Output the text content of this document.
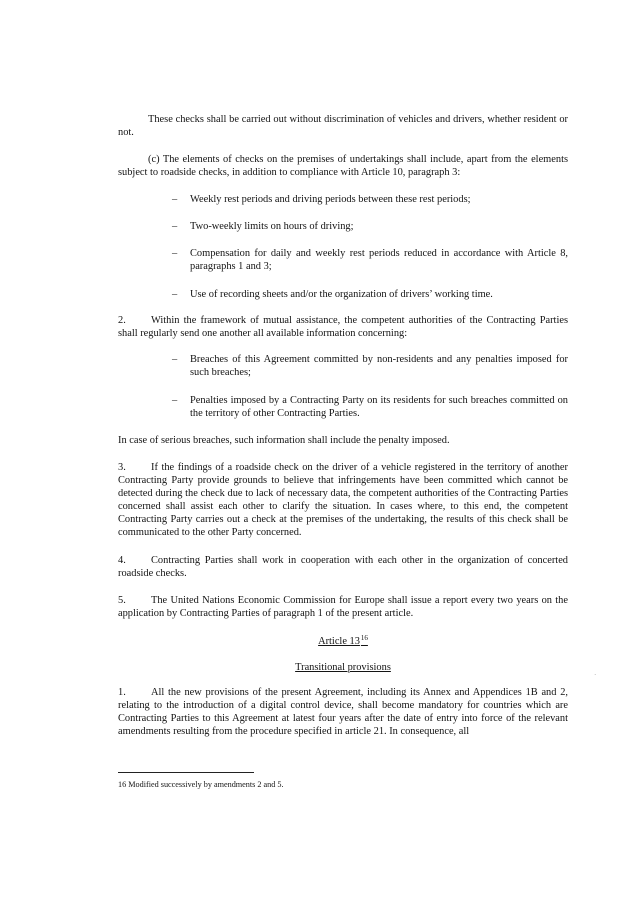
These checks shall be carried out without discrimination of vehicles and drivers, whether resident or not.

(c) The elements of checks on the premises of undertakings shall include, apart from the elements subject to roadside checks, in addition to compliance with Article 10, paragraph 3:

– Weekly rest periods and driving periods between these rest periods;
– Two-weekly limits on hours of driving;
– Compensation for daily and weekly rest periods reduced in accordance with Article 8, paragraphs 1 and 3;
– Use of recording sheets and/or the organization of drivers’ working time.

2. Within the framework of mutual assistance, the competent authorities of the Contracting Parties shall regularly send one another all available information concerning:

– Breaches of this Agreement committed by non-residents and any penalties imposed for such breaches;
– Penalties imposed by a Contracting Party on its residents for such breaches committed on the territory of other Contracting Parties.

In case of serious breaches, such information shall include the penalty imposed.

3. If the findings of a roadside check on the driver of a vehicle registered in the territory of another Contracting Party provide grounds to believe that infringements have been committed which cannot be detected during the check due to lack of necessary data, the competent authorities of the Contracting Parties concerned shall assist each other to clarify the situation. In cases where, to this end, the competent Contracting Party carries out a check at the premises of the undertaking, the results of this check shall be communicated to the other Party concerned.

4. Contracting Parties shall work in cooperation with each other in the organization of concerted roadside checks.

5. The United Nations Economic Commission for Europe shall issue a report every two years on the application by Contracting Parties of paragraph 1 of the present article.

Article $13^{16}$
Transitional provisions

1. All the new provisions of the present Agreement, including its Annex and Appendices 1B and 2, relating to the introduction of a digital control device, shall become mandatory for countries which are Contracting Parties to this Agreement at latest four years after the date of entry into force of the relevant amendments resulting from the procedure specified in article 21. In consequence, all

·
16 Modified successively by amendments 2 and 5.
